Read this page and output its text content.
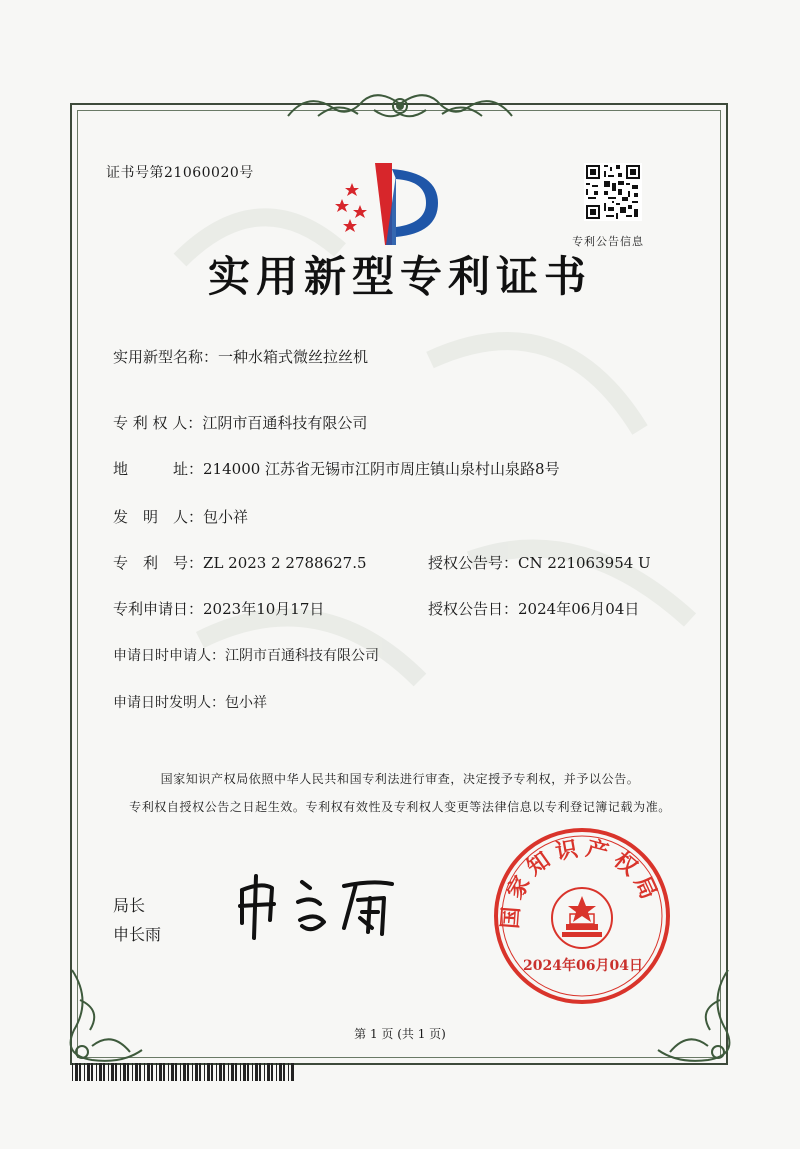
证书号第21060020号
专利公告信息
实用新型专利证书
实用新型名称：一种水箱式微丝拉丝机
专 利 权 人：江阴市百通科技有限公司
地　　　址：214000 江苏省无锡市江阴市周庄镇山泉村山泉路8号
发　明　人：包小祥
专　利　号：ZL 2023 2 2788627.5	授权公告号：CN 221063954 U
专利申请日：2023年10月17日	授权公告日：2024年06月04日
申请日时申请人：江阴市百通科技有限公司
申请日时发明人：包小祥
国家知识产权局依照中华人民共和国专利法进行审查，决定授予专利权，并予以公告。
专利权自授权公告之日起生效。专利权有效性及专利权人变更等法律信息以专利登记簿记载为准。
局长
申长雨
国家知识产权局
2024年06月04日
第 1 页 (共 1 页)
